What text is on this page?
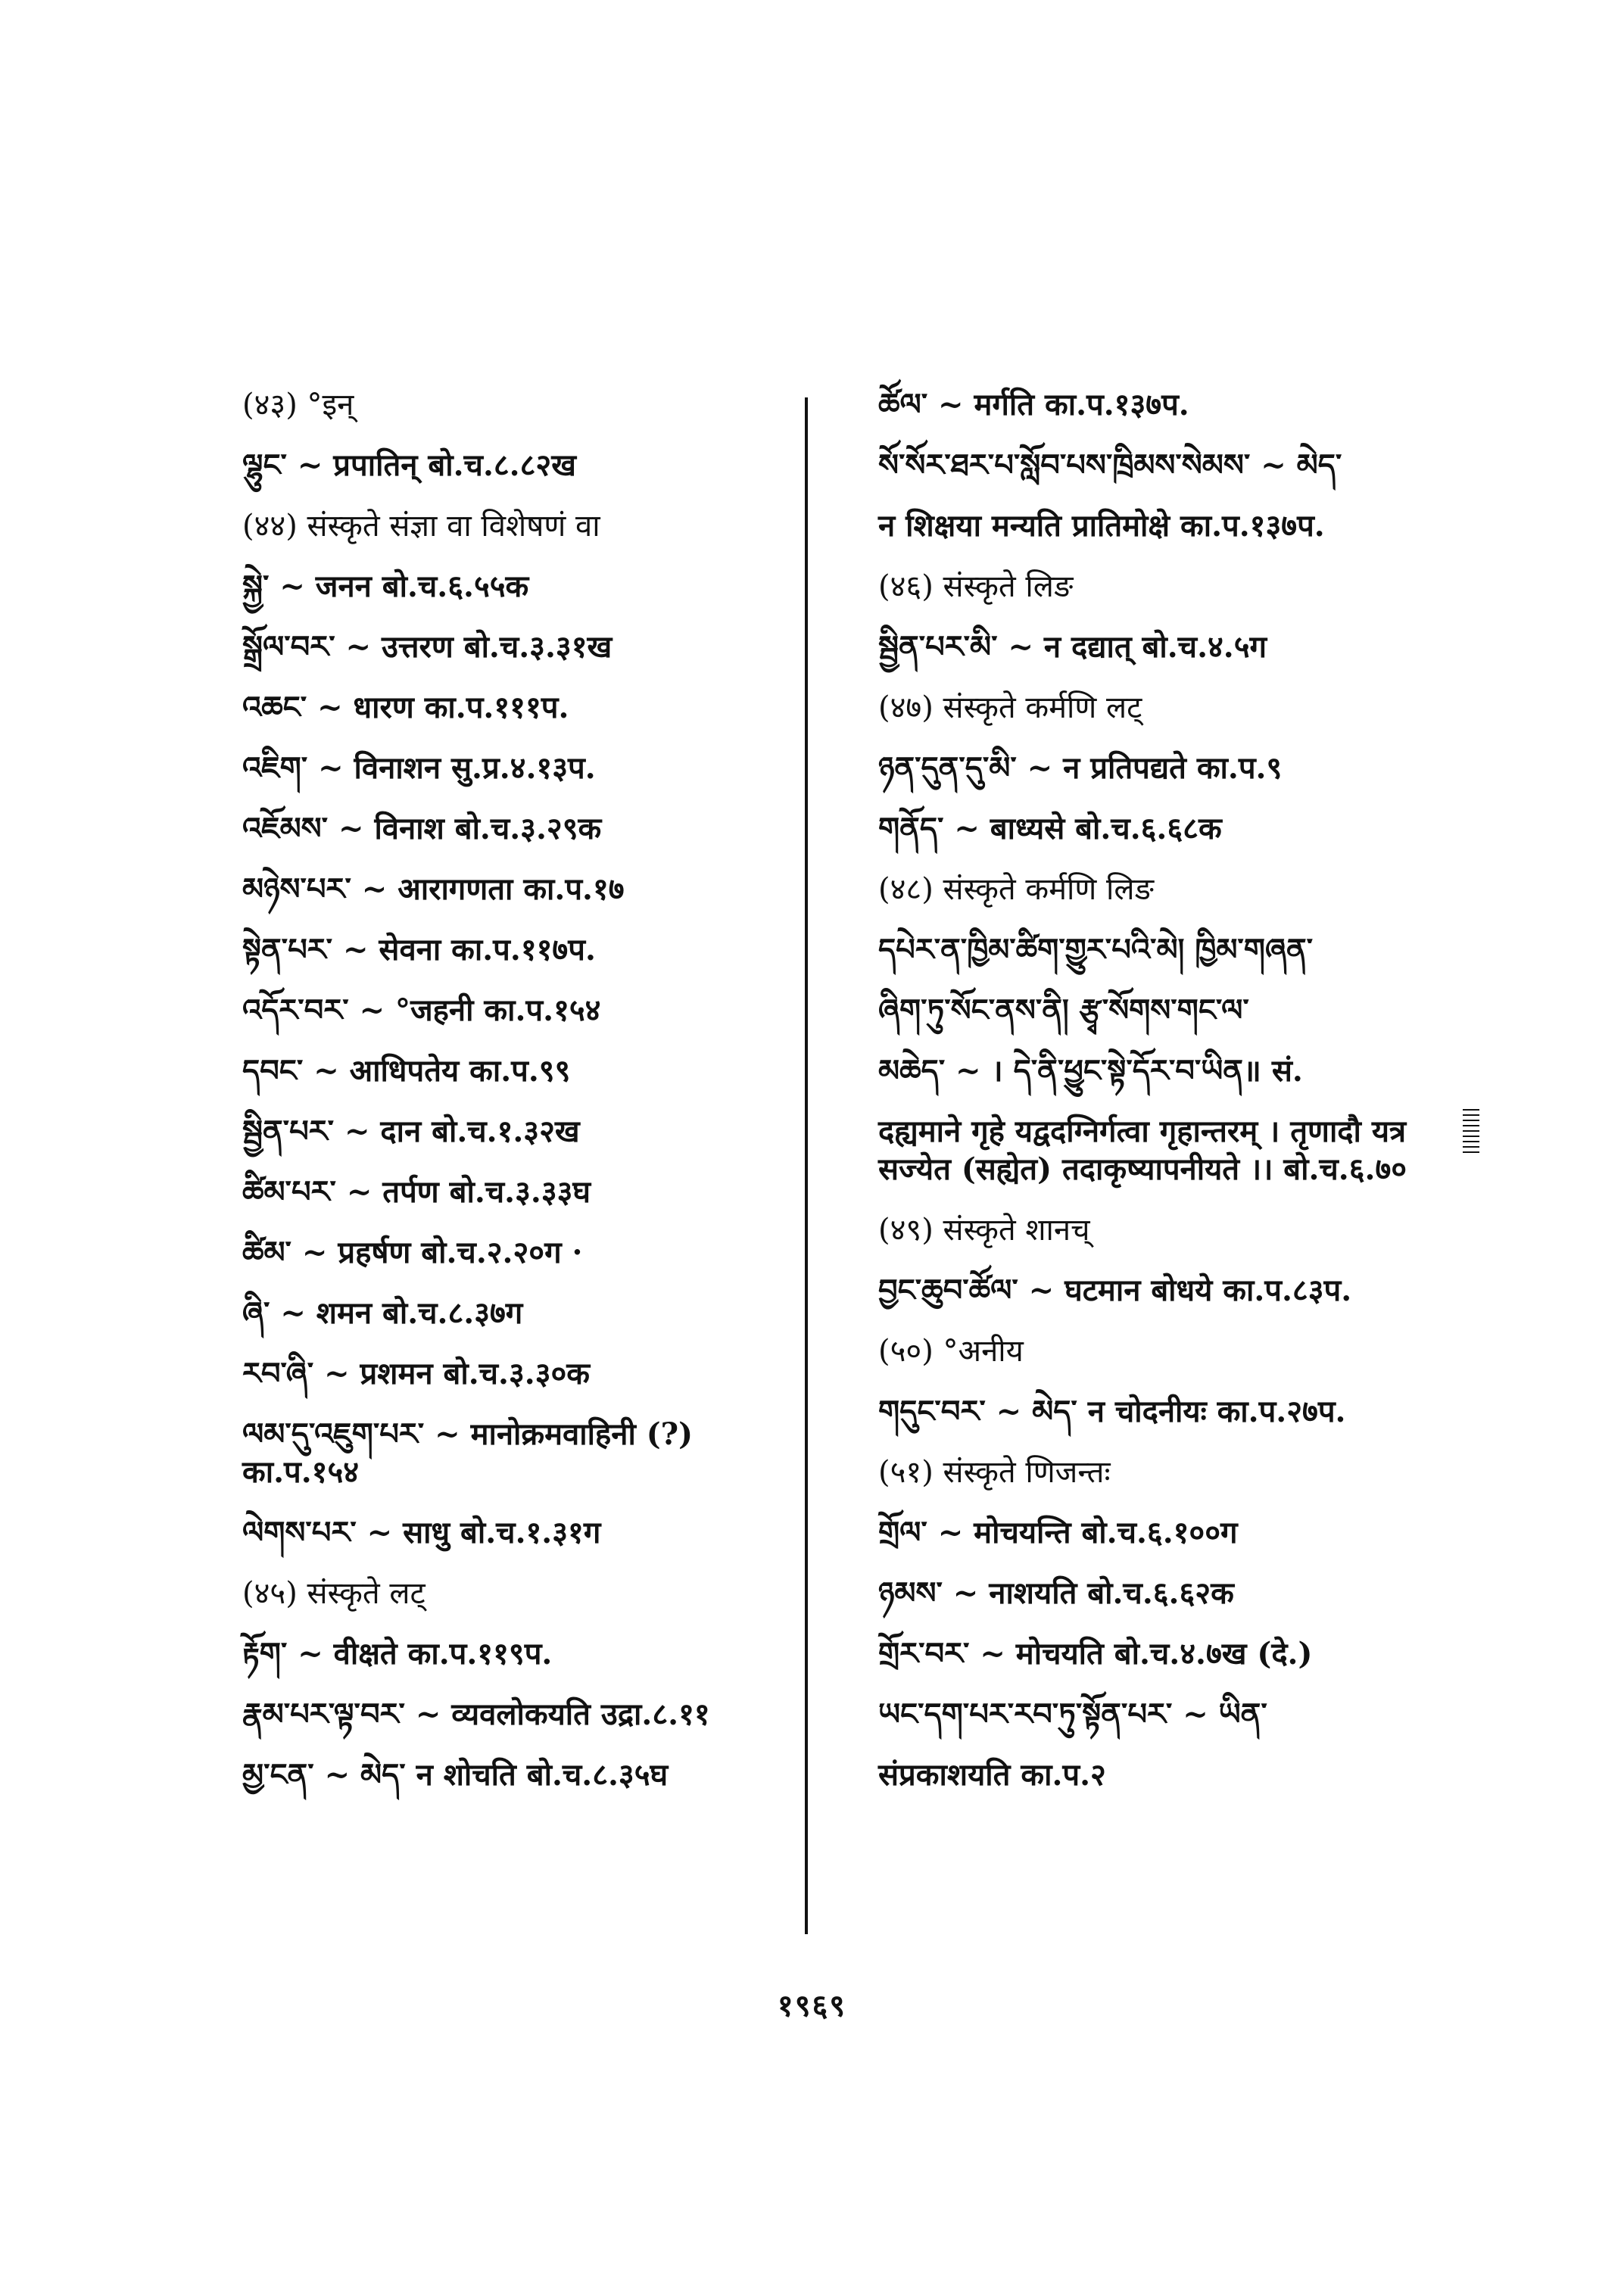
(४३) °इन्
ལྷུང་ ~ प्रपातिन् बो.च.८.८२ख
(४४) संस्कृते संज्ञा वा विशेषणं वा
སྐྱེ་ ~ जनन बो.च.६.५५क
སྒྲོལ་བར་ ~ उत्तरण बो.च.३.३१ख
འཆང་ ~ धारण का.प.१११प.
འཇིག་ ~ विनाशन सु.प्र.४.१३प.
འཇོམས་ ~ विनाश बो.च.३.२९क
མཉེས་པར་ ~ आरागणता का.प.१७
སྟེན་པར་ ~ सेवना का.प.११७प.
འདོར་བར་ ~ °जहनी का.प.१५४
དབང་ ~ आधिपतेय का.प.९९
སྦྱིན་པར་ ~ दान बो.च.१.३२ख
ཚིམ་པར་ ~ तर्पण बो.च.३.३३घ
ཚིམ་ ~ प्रहर्षण बो.च.२.२०ग ·
ཞི་ ~ शमन बो.च.८.३७ग
རབ་ཞི་ ~ प्रशमन बो.च.३.३०क
ལམ་དུ་འཇུག་པར་ ~ मानोक्रमवाहिनी (?) का.प.१५४
ལེགས་པར་ ~ साधु बो.च.१.३१ग
(४५) संस्कृते लट्
རྟོག་ ~ वीक्षते का.प.११९प.
རྣམ་པར་ལྟ་བར་ ~ व्यवलोकयति उद्रा.८.११
མྱ་ངན་ ~ མེད་ न शोचति बो.च.८.३५घ
ཚོལ་ ~ मर्गति का.प.१३७प.
སོ་སོར་ཐར་པ་སློབ་པས་ཁྲིམས་སེམས་ ~ མེད་
न शिक्षया मन्यति प्रातिमोक्षे का.प.१३७प.
(४६) संस्कृते लिङ
སྦྱིན་པར་མི་ ~ न दद्यात् बो.च.४.५ग
(४७) संस्कृते कर्मणि लट्
ཉན་དུན་དུ་མི་ ~ न प्रतिपद्यते का.प.९
གནོད་ ~ बाध्यसे बो.च.६.६८क
(४८) संस्कृते कर्मणि लिङ
དཔེར་ན་ཁྱིམ་ཚིག་གྱུར་པའི་མེ། ཁྱིམ་གཞན་
ཞིག་ཏུ་སོང་ནས་ནི། རྩྭ་སོགས་གང་ལ་
མཆེད་ ~ । དེ་ནི་ཕྱུང་སྟེ་དོར་བ་ཡིན॥ सं.
दह्यमाने गृहे यद्वदग्निर्गत्वा गृहान्तरम् । तृणादौ यत्र सज्येत (सह्येत) तदाकृष्यापनीयते ।। बो.च.६.७०
(४९) संस्कृते शानच्
བྱང་ཆུབ་ཚོལ་ ~ घटमान बोधये का.प.८३प.
(५०) °अनीय
གདུང་བར་ ~ མེད་ न चोदनीयः का.प.२७प.
(५१) संस्कृते णिजन्तः
གྲོལ་ ~ मोचयन्ति बो.च.६.१००ग
ཉམས་ ~ नाशयति बो.च.६.६२क
གྲོར་བར་ ~ मोचयति बो.च.४.७ख (दे.)
ཡང་དག་པར་རབ་ཏུ་སྟོན་པར་ ~ ཡིན་
संप्रकाशयति का.प.२
१९६९
